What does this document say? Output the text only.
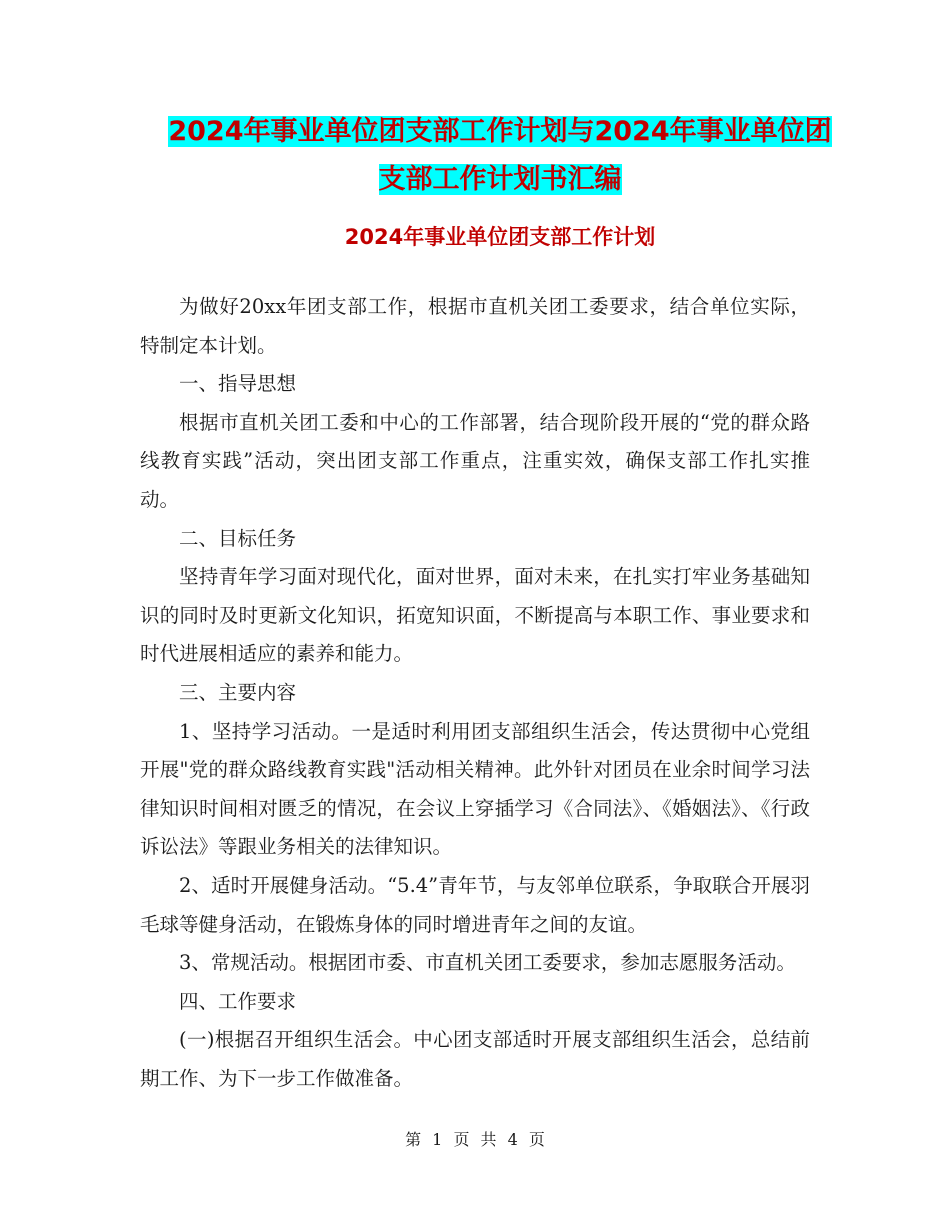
2024年事业单位团支部工作计划与2024年事业单位团
支部工作计划书汇编
2024年事业单位团支部工作计划

为做好20xx年团支部工作，根据市直机关团工委要求，结合单位实际，特制定本计划。

一、指导思想

根据市直机关团工委和中心的工作部署，结合现阶段开展的“党的群众路线教育实践”活动，突出团支部工作重点，注重实效，确保支部工作扎实推动。

二、目标任务

坚持青年学习面对现代化，面对世界，面对未来，在扎实打牢业务基础知识的同时及时更新文化知识，拓宽知识面，不断提高与本职工作、事业要求和时代进展相适应的素养和能力。

三、主要内容

1、坚持学习活动。一是适时利用团支部组织生活会，传达贯彻中心党组开展"党的群众路线教育实践"活动相关精神。此外针对团员在业余时间学习法律知识时间相对匮乏的情况，在会议上穿插学习《合同法》、《婚姻法》、《行政诉讼法》等跟业务相关的法律知识。

2、适时开展健身活动。“5.4”青年节，与友邻单位联系，争取联合开展羽毛球等健身活动，在锻炼身体的同时增进青年之间的友谊。

3、常规活动。根据团市委、市直机关团工委要求，参加志愿服务活动。

四、工作要求

(一)根据召开组织生活会。中心团支部适时开展支部组织生活会，总结前期工作、为下一步工作做准备。

第 1 页 共 4 页
